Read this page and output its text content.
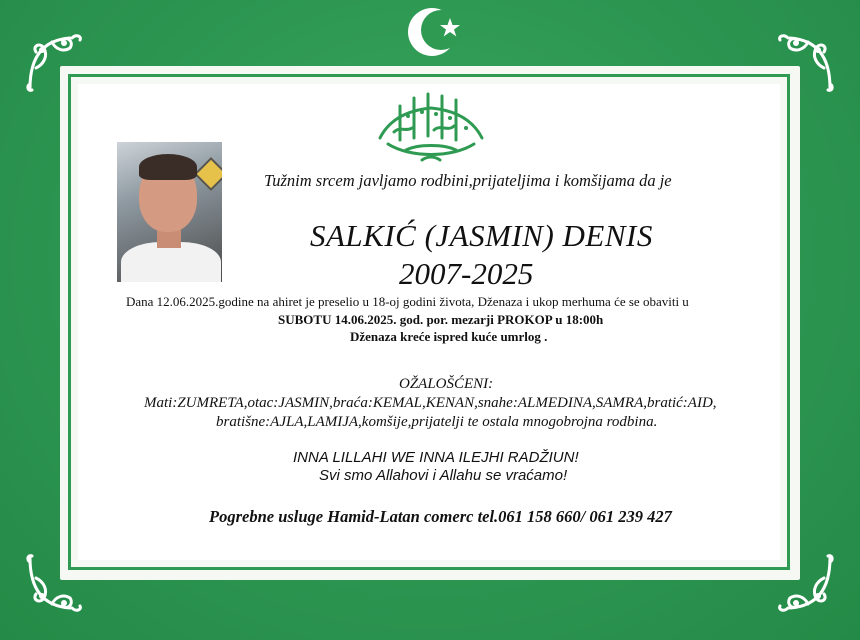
Tužnim srcem javljamo rodbini,prijateljima i komšijama da je
SALKIĆ (JASMIN) DENIS
2007-2025
Dana 12.06.2025.godine na ahiret je preselio u 18-oj godini života, Dženaza i ukop merhuma će se obaviti u
SUBOTU 14.06.2025. god. por. mezarji PROKOP u 18:00h
Dženaza kreće ispred kuće umrlog .
OŽALOŠĆENI:
Mati:ZUMRETA,otac:JASMIN,braća:KEMAL,KENAN,snahe:ALMEDINA,SAMRA,bratić:AID,
bratišne:AJLA,LAMIJA,komšije,prijatelji te ostala mnogobrojna rodbina.
INNA LILLAHI WE INNA ILEJHI RADŽIUN!
Svi smo Allahovi i Allahu se vraćamo!
Pogrebne usluge Hamid-Latan comerc tel.061 158 660/ 061 239 427
